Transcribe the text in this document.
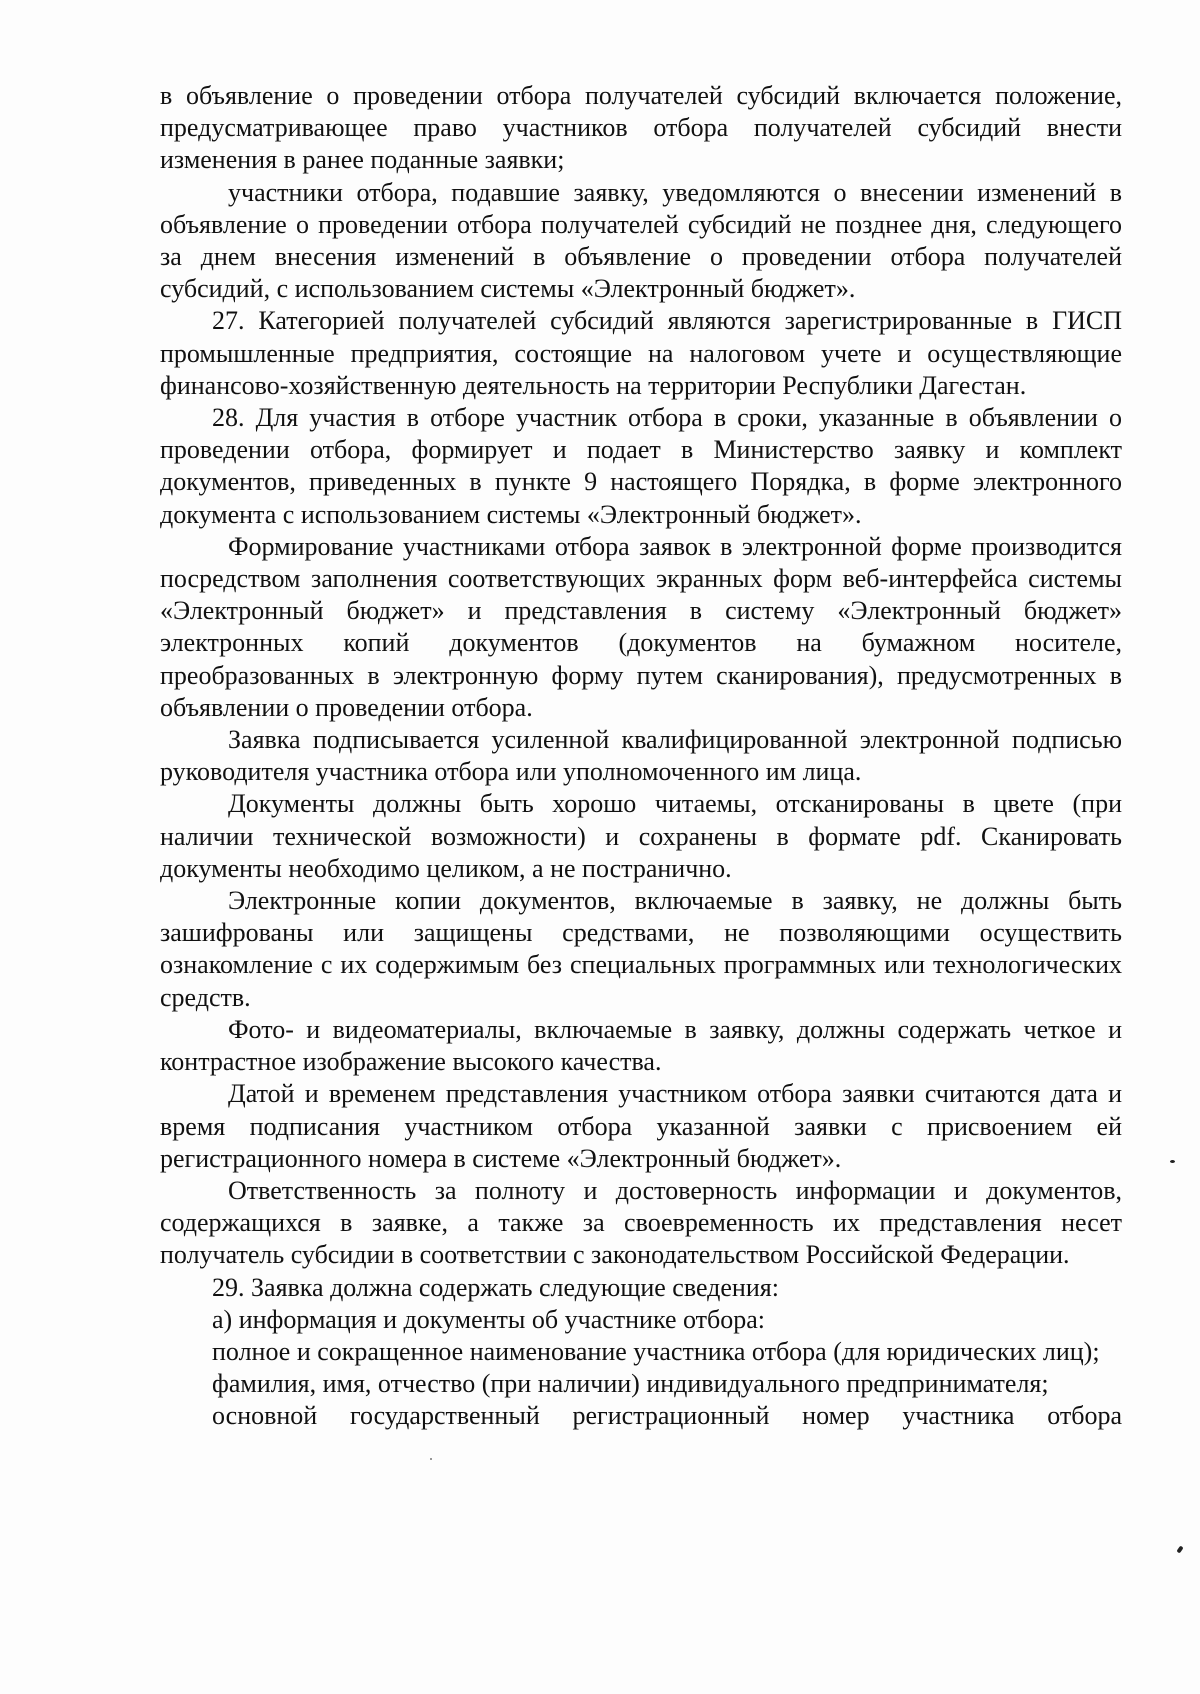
в объявление о проведении отбора получателей субсидий включается положение, предусматривающее право участников отбора получателей субсидий внести изменения в ранее поданные заявки;

участники отбора, подавшие заявку, уведомляются о внесении изменений в объявление о проведении отбора получателей субсидий не позднее дня, следующего за днем внесения изменений в объявление о проведении отбора получателей субсидий, с использованием системы «Электронный бюджет».

27. Категорией получателей субсидий являются зарегистрированные в ГИСП промышленные предприятия, состоящие на налоговом учете и осуществляющие финансово-хозяйственную деятельность на территории Республики Дагестан.

28. Для участия в отборе участник отбора в сроки, указанные в объявлении о проведении отбора, формирует и подает в Министерство заявку и комплект документов, приведенных в пункте 9 настоящего Порядка, в форме электронного документа с использованием системы «Электронный бюджет».

Формирование участниками отбора заявок в электронной форме производится посредством заполнения соответствующих экранных форм веб-интерфейса системы «Электронный бюджет» и представления в систему «Электронный бюджет» электронных копий документов (документов на бумажном носителе, преобразованных в электронную форму путем сканирования), предусмотренных в объявлении о проведении отбора.

Заявка подписывается усиленной квалифицированной электронной подписью руководителя участника отбора или уполномоченного им лица.

Документы должны быть хорошо читаемы, отсканированы в цвете (при наличии технической возможности) и сохранены в формате pdf. Сканировать документы необходимо целиком, а не постранично.

Электронные копии документов, включаемые в заявку, не должны быть зашифрованы или защищены средствами, не позволяющими осуществить ознакомление с их содержимым без специальных программных или технологических средств.

Фото- и видеоматериалы, включаемые в заявку, должны содержать четкое и контрастное изображение высокого качества.

Датой и временем представления участником отбора заявки считаются дата и время подписания участником отбора указанной заявки с присвоением ей регистрационного номера в системе «Электронный бюджет».

Ответственность за полноту и достоверность информации и документов, содержащихся в заявке, а также за своевременность их представления несет получатель субсидии в соответствии с законодательством Российской Федерации.

29. Заявка должна содержать следующие сведения:

а) информация и документы об участнике отбора:

полное и сокращенное наименование участника отбора (для юридических лиц);

фамилия, имя, отчество (при наличии) индивидуального предпринимателя;

основной государственный регистрационный номер участника отбора
